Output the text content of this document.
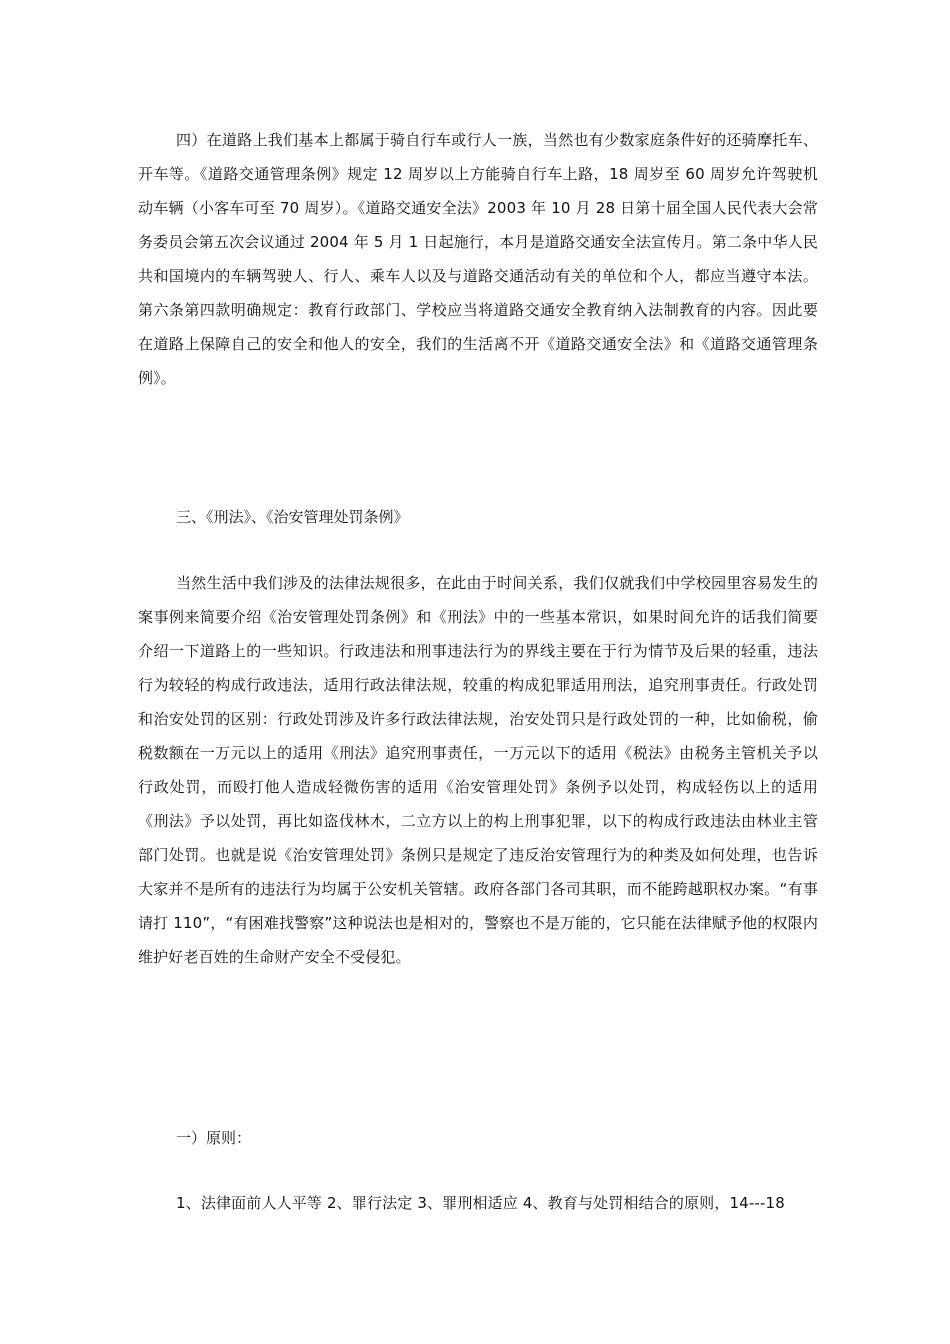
四）在道路上我们基本上都属于骑自行车或行人一族，当然也有少数家庭条件好的还骑摩托车、开车等。《道路交通管理条例》规定 12 周岁以上方能骑自行车上路，18 周岁至 60 周岁允许驾驶机动车辆（小客车可至 70 周岁）。《道路交通安全法》2003 年 10 月 28 日第十届全国人民代表大会常务委员会第五次会议通过 2004 年 5 月 1 日起施行，本月是道路交通安全法宣传月。第二条中华人民共和国境内的车辆驾驶人、行人、乘车人以及与道路交通活动有关的单位和个人，都应当遵守本法。第六条第四款明确规定：教育行政部门、学校应当将道路交通安全教育纳入法制教育的内容。因此要在道路上保障自己的安全和他人的安全，我们的生活离不开《道路交通安全法》和《道路交通管理条例》。

三、《刑法》、《治安管理处罚条例》

当然生活中我们涉及的法律法规很多，在此由于时间关系，我们仅就我们中学校园里容易发生的案事例来简要介绍《治安管理处罚条例》和《刑法》中的一些基本常识，如果时间允许的话我们简要介绍一下道路上的一些知识。行政违法和刑事违法行为的界线主要在于行为情节及后果的轻重，违法行为较轻的构成行政违法，适用行政法律法规，较重的构成犯罪适用刑法，追究刑事责任。行政处罚和治安处罚的区别：行政处罚涉及许多行政法律法规，治安处罚只是行政处罚的一种，比如偷税，偷税数额在一万元以上的适用《刑法》追究刑事责任，一万元以下的适用《税法》由税务主管机关予以行政处罚，而殴打他人造成轻微伤害的适用《治安管理处罚》条例予以处罚，构成轻伤以上的适用《刑法》予以处罚，再比如盗伐林木，二立方以上的构上刑事犯罪，以下的构成行政违法由林业主管部门处罚。也就是说《治安管理处罚》条例只是规定了违反治安管理行为的种类及如何处理，也告诉大家并不是所有的违法行为均属于公安机关管辖。政府各部门各司其职，而不能跨越职权办案。“有事请打 110”，“有困难找警察”这种说法也是相对的，警察也不是万能的，它只能在法律赋予他的权限内维护好老百姓的生命财产安全不受侵犯。

一）原则：

1、法律面前人人平等 2、罪行法定 3、罪刑相适应 4、教育与处罚相结合的原则，14---18
